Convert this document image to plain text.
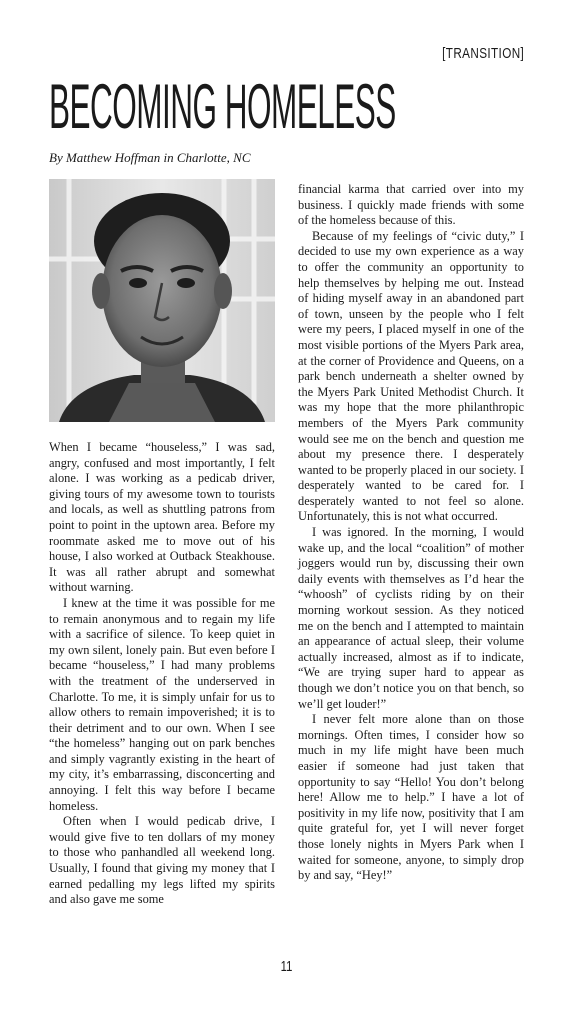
[TRANSITION]
BECOMING HOMELESS
By Matthew Hoffman in Charlotte, NC

When I became “houseless,” I was sad, angry, confused and most importantly, I felt alone. I was working as a pedicab driver, giving tours of my awesome town to tourists and locals, as well as shuttling patrons from point to point in the uptown area. Before my roommate asked me to move out of his house, I also worked at Outback Steakhouse. It was all rather abrupt and somewhat without warning.

I knew at the time it was possible for me to remain anonymous and to regain my life with a sacrifice of silence. To keep quiet in my own silent, lonely pain. But even before I became “houseless,” I had many problems with the treatment of the underserved in Charlotte. To me, it is simply unfair for us to allow others to remain impoverished; it is to their detriment and to our own. When I see “the homeless” hanging out on park benches and simply vagrantly existing in the heart of my city, it’s embarrassing, disconcerting and annoying. I felt this way before I became homeless.

Often when I would pedicab drive, I would give five to ten dollars of my money to those who panhandled all weekend long. Usually, I found that giving my money that I earned pedalling my legs lifted my spirits and also gave me some

financial karma that carried over into my business. I quickly made friends with some of the homeless because of this.

Because of my feelings of “civic duty,” I decided to use my own experience as a way to offer the community an opportunity to help themselves by helping me out. Instead of hiding myself away in an abandoned part of town, unseen by the people who I felt were my peers, I placed myself in one of the most visible portions of the Myers Park area, at the corner of Providence and Queens, on a park bench underneath a shelter owned by the Myers Park United Methodist Church. It was my hope that the more philanthropic members of the Myers Park community would see me on the bench and question me about my presence there. I desperately wanted to be properly placed in our society. I desperately wanted to be cared for. I desperately wanted to not feel so alone. Unfortunately, this is not what occurred.

I was ignored. In the morning, I would wake up, and the local “coalition” of mother joggers would run by, discussing their own daily events with themselves as I’d hear the “whoosh” of cyclists riding by on their morning workout session. As they noticed me on the bench and I attempted to maintain an appearance of actual sleep, their volume actually increased, almost as if to indicate, “We are trying super hard to appear as though we don’t notice you on that bench, so we’ll get louder!”

I never felt more alone than on those mornings. Often times, I consider how so much in my life might have been much easier if someone had just taken that opportunity to say “Hello! You don’t belong here! Allow me to help.” I have a lot of positivity in my life now, positivity that I am quite grateful for, yet I will never forget those lonely nights in Myers Park when I waited for someone, anyone, to simply drop by and say, “Hey!”

11
